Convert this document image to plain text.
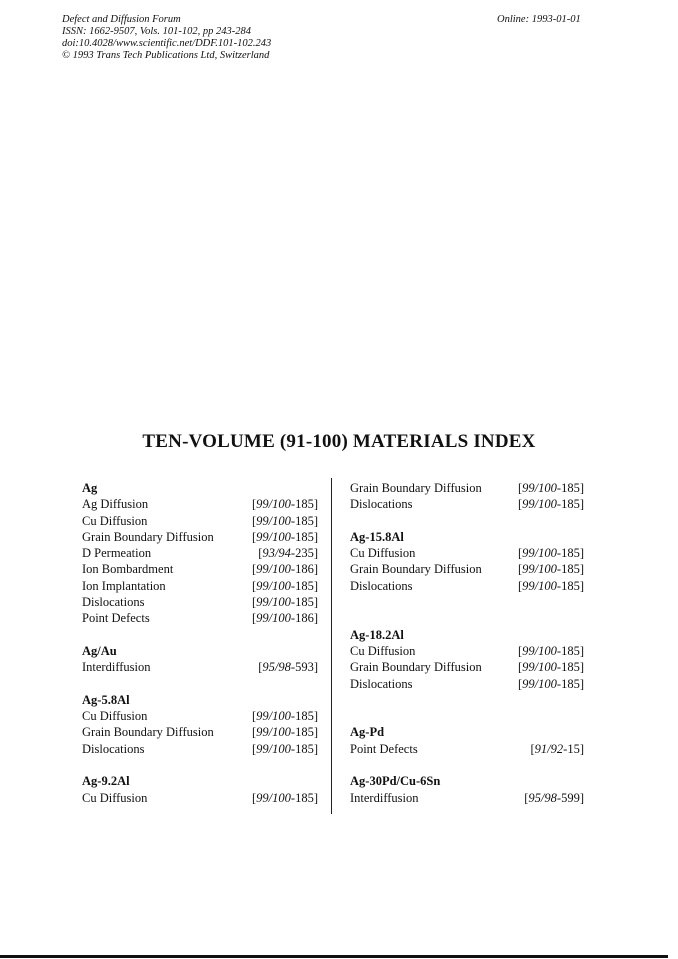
Defect and Diffusion Forum
ISSN: 1662-9507, Vols. 101-102, pp 243-284
doi:10.4028/www.scientific.net/DDF.101-102.243
© 1993 Trans Tech Publications Ltd, Switzerland
Online: 1993-01-01
TEN-VOLUME (91-100) MATERIALS INDEX
Ag
Ag Diffusion	[99/100-185]
Cu Diffusion	[99/100-185]
Grain Boundary Diffusion	[99/100-185]
D Permeation	[93/94-235]
Ion Bombardment	[99/100-186]
Ion Implantation	[99/100-185]
Dislocations	[99/100-185]
Point Defects	[99/100-186]
Ag/Au
Interdiffusion	[95/98-593]
Ag-5.8Al
Cu Diffusion	[99/100-185]
Grain Boundary Diffusion	[99/100-185]
Dislocations	[99/100-185]
Ag-9.2Al
Cu Diffusion	[99/100-185]
Grain Boundary Diffusion	[99/100-185]
Dislocations	[99/100-185]
Ag-15.8Al
Cu Diffusion	[99/100-185]
Grain Boundary Diffusion	[99/100-185]
Dislocations	[99/100-185]
Ag-18.2Al
Cu Diffusion	[99/100-185]
Grain Boundary Diffusion	[99/100-185]
Dislocations	[99/100-185]
Ag-Pd
Point Defects	[91/92-15]
Ag-30Pd/Cu-6Sn
Interdiffusion	[95/98-599]
